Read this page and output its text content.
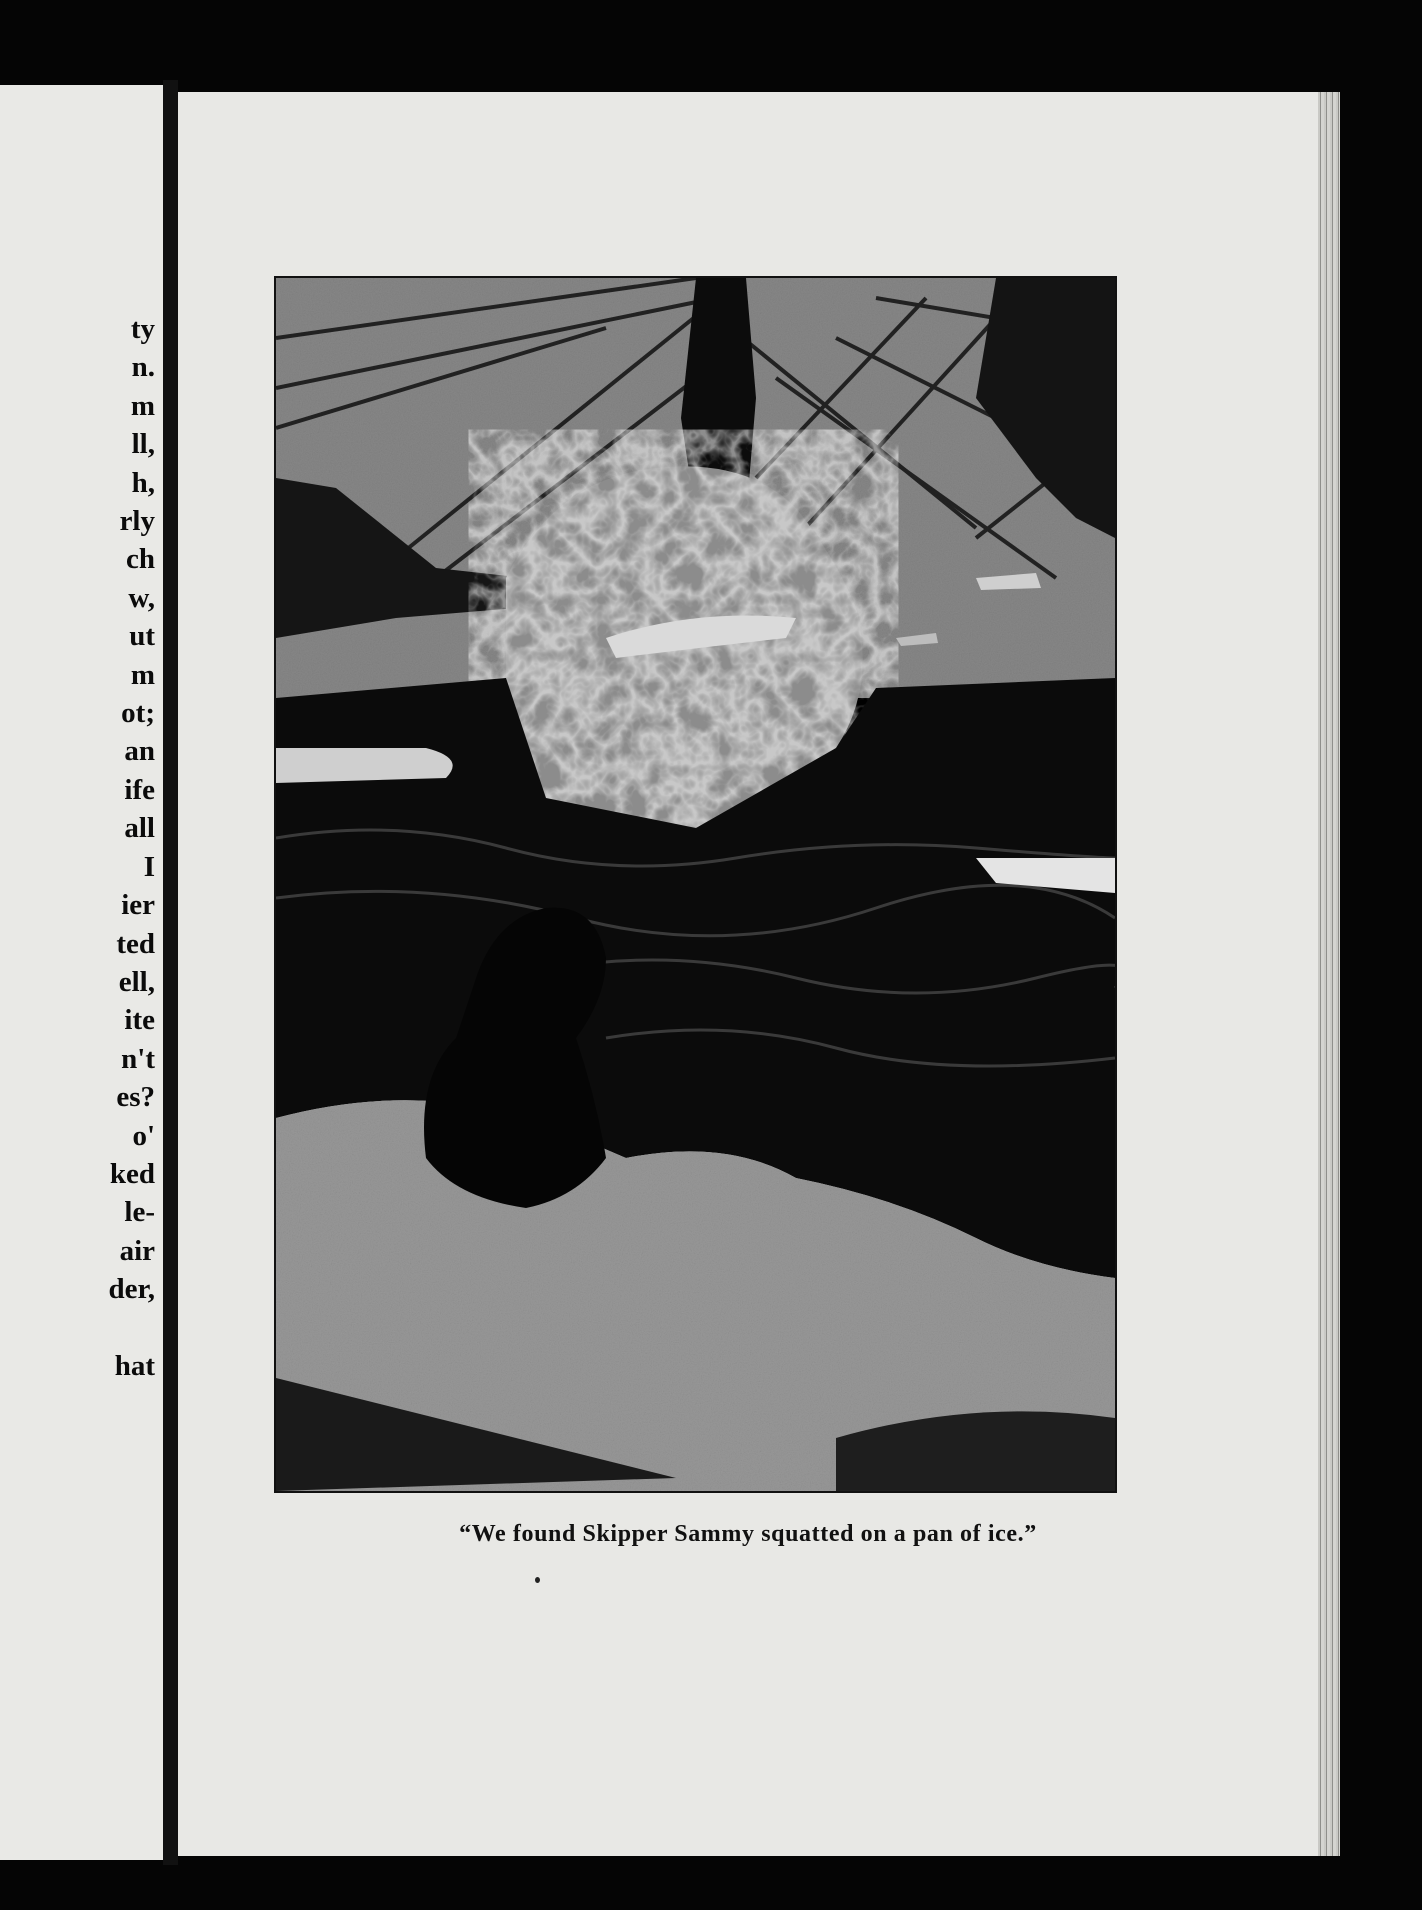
ty
n.
m
ll,
h,
rly
ch
w,
ut
m
ot;
an
ife
all
I
ier
ted
ell,
ite
n't
es?
o'
ked
le-
air
der,

hat
“We found Skipper Sammy squatted on a pan of ice.”
